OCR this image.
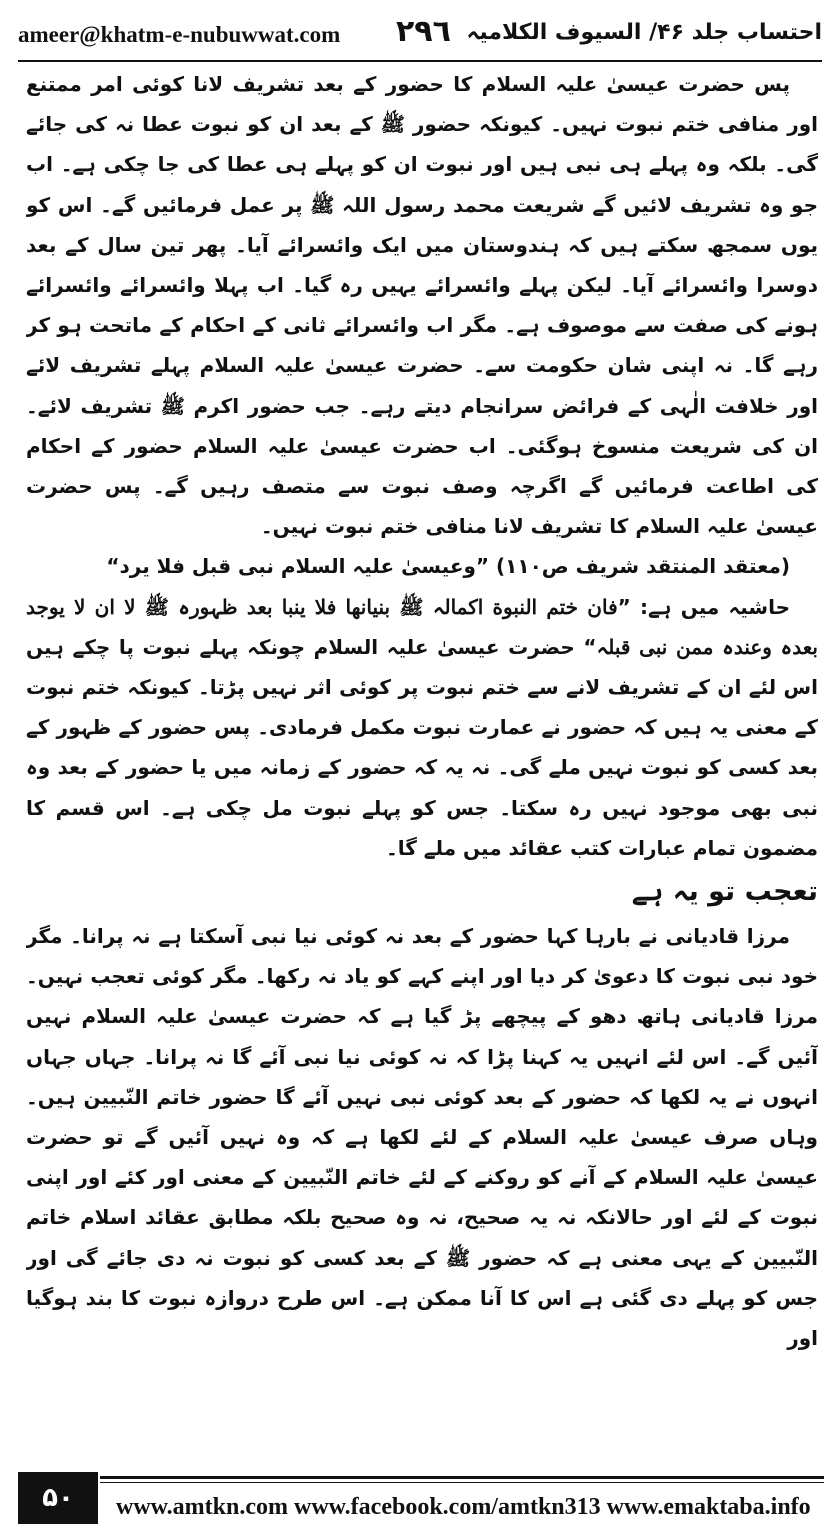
ameer@khatm-e-nubuwwat.com ۲۹٦ احتساب جلد ۴۶/ السیوف الکلامیہ

پس حضرت عیسیٰ علیہ السلام کا حضور کے بعد تشریف لانا کوئی امر ممتنع اور منافی ختم نبوت نہیں۔ کیونکہ حضور ﷺ کے بعد ان کو نبوت عطا نہ کی جائے گی۔ بلکہ وہ پہلے ہی نبی ہیں اور نبوت ان کو پہلے ہی عطا کی جا چکی ہے۔ اب جو وہ تشریف لائیں گے شریعت محمد رسول اللہ ﷺ پر عمل فرمائیں گے۔ اس کو یوں سمجھ سکتے ہیں کہ ہندوستان میں ایک وائسرائے آیا۔ پھر تین سال کے بعد دوسرا وائسرائے آیا۔ لیکن پہلے وائسرائے یہیں رہ گیا۔ اب پہلا وائسرائے وائسرائے ہونے کی صفت سے موصوف ہے۔ مگر اب وائسرائے ثانی کے احکام کے ماتحت ہو کر رہے گا۔ نہ اپنی شان حکومت سے۔ حضرت عیسیٰ علیہ السلام پہلے تشریف لائے اور خلافت الٰہی کے فرائض سرانجام دیتے رہے۔ جب حضور اکرم ﷺ تشریف لائے۔ ان کی شریعت منسوخ ہوگئی۔ اب حضرت عیسیٰ علیہ السلام حضور کے احکام کی اطاعت فرمائیں گے اگرچہ وصف نبوت سے متصف رہیں گے۔ پس حضرت عیسیٰ علیہ السلام کا تشریف لانا منافی ختم نبوت نہیں۔

(معتقد المنتقد شریف ص۱۱۰) ”وعیسیٰ علیہ السلام نبی قبل فلا یرد“

حاشیہ میں ہے: ”فان ختم النبوة اکمالہ ﷺ بنیانھا فلا ینبا بعد ظہورہ ﷺ لا ان لا یوجد بعدہ وعندہ ممن نبی قبلہ“ حضرت عیسیٰ علیہ السلام چونکہ پہلے نبوت پا چکے ہیں اس لئے ان کے تشریف لانے سے ختم نبوت پر کوئی اثر نہیں پڑتا۔ کیونکہ ختم نبوت کے معنی یہ ہیں کہ حضور نے عمارت نبوت مکمل فرمادی۔ پس حضور کے ظہور کے بعد کسی کو نبوت نہیں ملے گی۔ نہ یہ کہ حضور کے زمانہ میں یا حضور کے بعد وہ نبی بھی موجود نہیں رہ سکتا۔ جس کو پہلے نبوت مل چکی ہے۔ اس قسم کا مضمون تمام عبارات کتب عقائد میں ملے گا۔

تعجب تو یہ ہے

مرزا قادیانی نے بارہا کہا حضور کے بعد نہ کوئی نیا نبی آسکتا ہے نہ پرانا۔ مگر خود نبی نبوت کا دعویٰ کر دیا اور اپنے کہے کو یاد نہ رکھا۔ مگر کوئی تعجب نہیں۔ مرزا قادیانی ہاتھ دھو کے پیچھے پڑ گیا ہے کہ حضرت عیسیٰ علیہ السلام نہیں آئیں گے۔ اس لئے انہیں یہ کہنا پڑا کہ نہ کوئی نیا نبی آئے گا نہ پرانا۔ جہاں جہاں انہوں نے یہ لکھا کہ حضور کے بعد کوئی نبی نہیں آئے گا حضور خاتم النّبیین ہیں۔ وہاں صرف عیسیٰ علیہ السلام کے لئے لکھا ہے کہ وہ نہیں آئیں گے تو حضرت عیسیٰ علیہ السلام کے آنے کو روکنے کے لئے خاتم النّبیین کے معنی اور کئے اور اپنی نبوت کے لئے اور حالانکہ نہ یہ صحیح، نہ وہ صحیح بلکہ مطابق عقائد اسلام خاتم النّبیین کے یہی معنی ہے کہ حضور ﷺ کے بعد کسی کو نبوت نہ دی جائے گی اور جس کو پہلے دی گئی ہے اس کا آنا ممکن ہے۔ اس طرح دروازہ نبوت کا بند ہوگیا اور

۵۰	www.amtkn.com www.facebook.com/amtkn313 www.emaktaba.info
